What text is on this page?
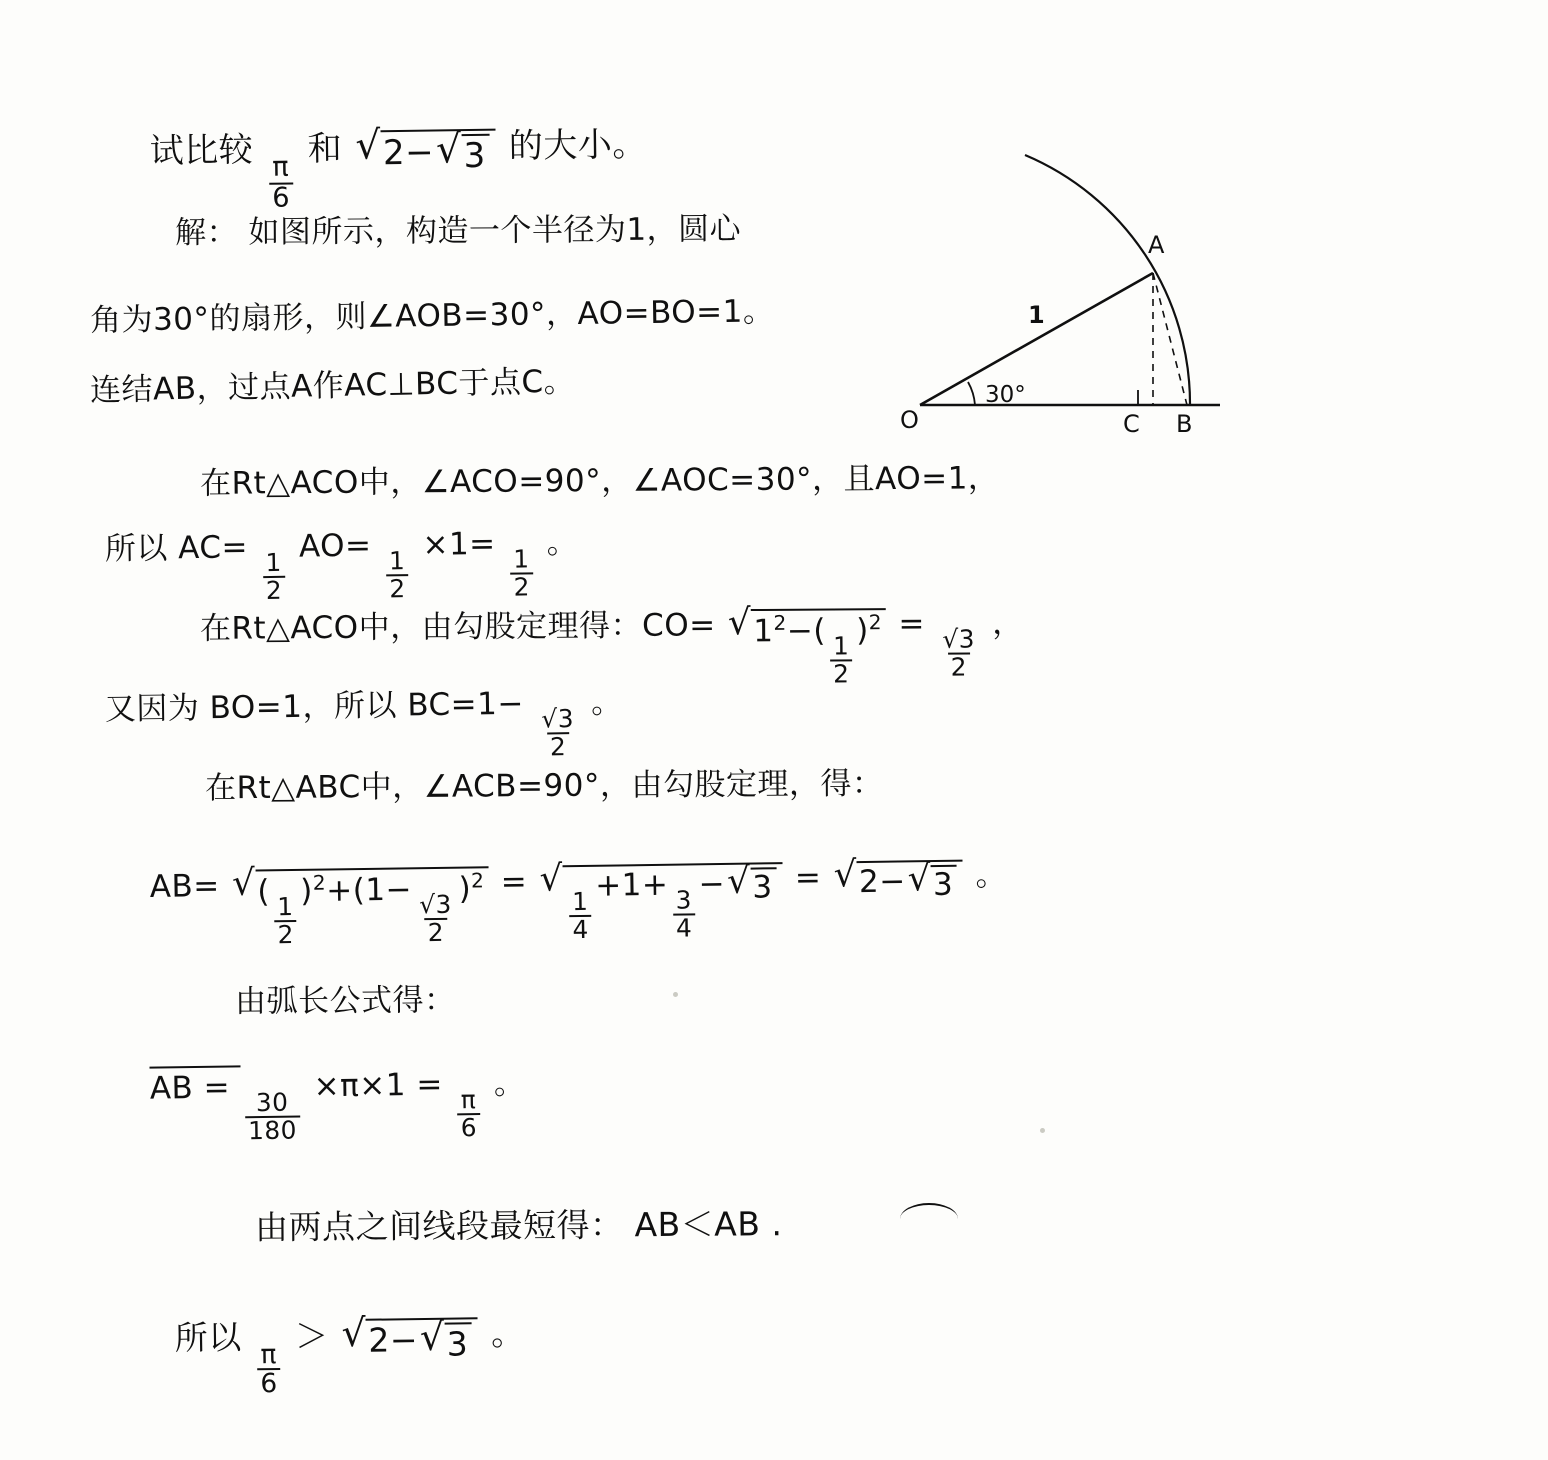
试比较
$\frac{\pi}{6}$
和 √ 2− √ 3 的大小。
解： 如图所示，构造一个半径为1，圆心
角为30°的扇形，则∠AOB=30°，AO=BO=1。
连结AB，过点A作AC⊥BC于点C。
在Rt△ACO中，∠ACO=90°，∠AOC=30°，且AO=1，
所以 AC=
$\frac{1}{2}$
AO=
$\frac{1}{2}$
×1=
$\frac{1}{2}$
。
在Rt△ACO中，由勾股定理得：CO= √ $1^2-$(
$\frac{1}{2}$
)$^2$ =
$\frac{√3}{2}$
，
又因为 BO=1，所以 $BC=1- \frac{√3}{2}$
。
在Rt△ABC中，∠ACB=90°，由勾股定理，得：
AB= √ (
$\frac{1}{2}$
)$^2$+(1−
$\frac{√3}{2}$
)$^2$ = √
$\frac{1}{4}$
+1+
$\frac{3}{4}$
− √ 3 = √ 2− √ 3 。
由弧长公式得：
AB =
$\frac{30}{180}$
×π×1 =
$\frac{\pi}{6}$
。
由两点之间线段最短得： AB＜AB .
所以
$\frac{\pi}{6}$
＞ √ 2− √ 3 。
O
A
B
C
30°
1
